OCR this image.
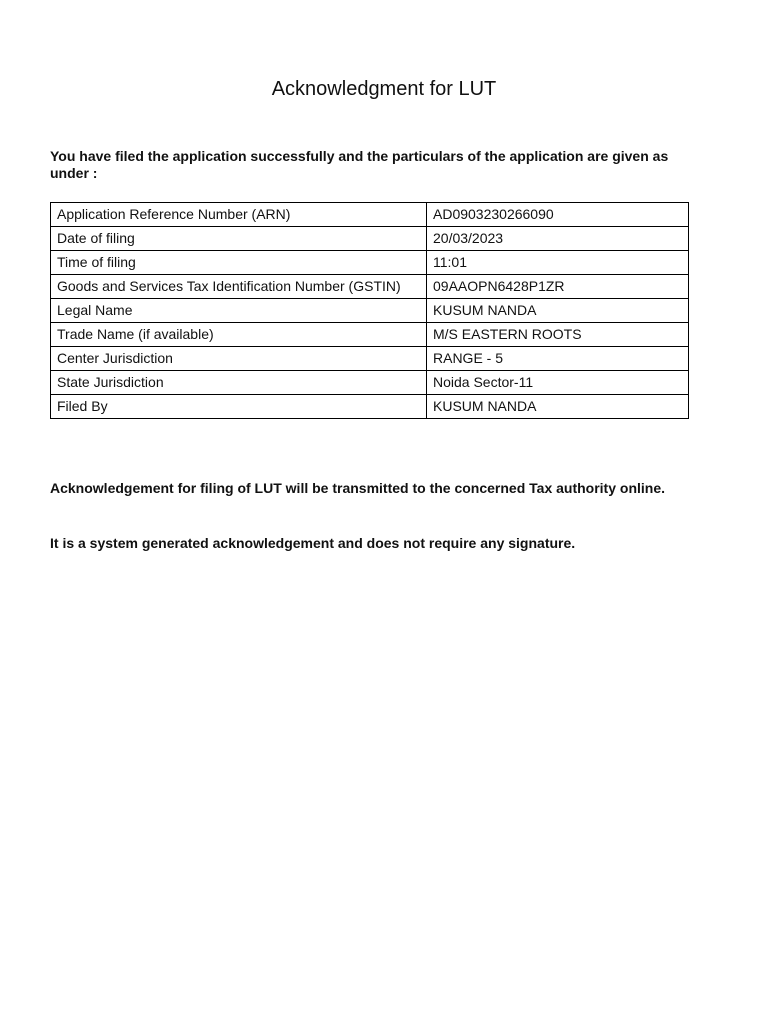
Acknowledgment for LUT

You have filed the application successfully and the particulars of the application are given as under :

Application Reference Number (ARN)	AD0903230266090
Date of filing	20/03/2023
Time of filing	11:01
Goods and Services Tax Identification Number (GSTIN)	09AAOPN6428P1ZR
Legal Name	KUSUM NANDA
Trade Name (if available)	M/S EASTERN ROOTS
Center Jurisdiction	RANGE - 5
State Jurisdiction	Noida Sector-11
Filed By	KUSUM NANDA

Acknowledgement for filing of LUT will be transmitted to the concerned Tax authority online.

It is a system generated acknowledgement and does not require any signature.
